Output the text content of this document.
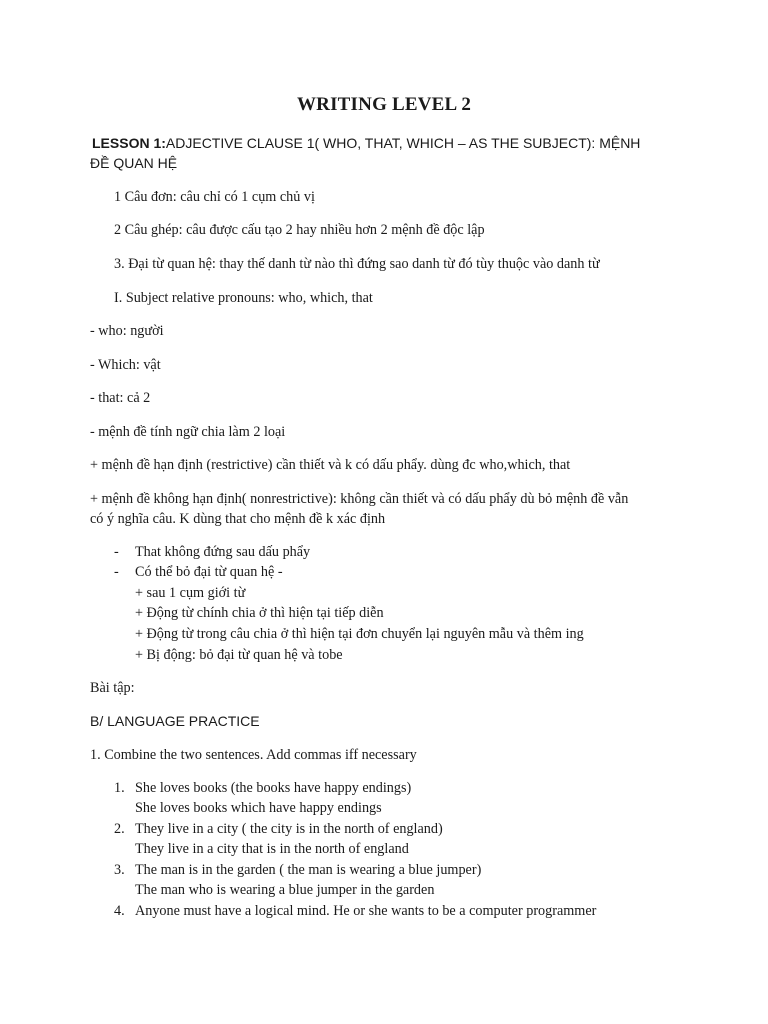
WRITING LEVEL 2
LESSON 1:ADJECTIVE CLAUSE 1( WHO, THAT, WHICH – AS THE SUBJECT): MỆNH
ĐỀ QUAN HỆ
1 Câu đơn: câu chỉ có 1 cụm chủ vị
2 Câu ghép: câu được cấu tạo 2 hay nhiều hơn 2 mệnh đề độc lập
3. Đại từ quan hệ: thay thế danh từ nào thì đứng sao danh từ đó tùy thuộc vào danh từ
I. Subject relative pronouns: who, which, that
- who: người
- Which: vật
- that: cả 2
- mệnh đề tính ngữ chia làm 2 loại
+ mệnh đề hạn định (restrictive) cần thiết và k có dấu phẩy. dùng đc who,which, that
+ mệnh đề không hạn định( nonrestrictive): không cần thiết và có dấu phẩy dù bỏ mệnh đề vẫn
có ý nghĩa câu. K dùng that cho mệnh đề k xác định
- That không đứng sau dấu phẩy
- Có thể bỏ đại từ quan hệ -
+ sau 1 cụm giới từ
+ Động từ chính chia ở thì hiện tại tiếp diễn
+ Động từ trong câu chia ở thì hiện tại đơn chuyển lại nguyên mẫu và thêm ing
+ Bị động: bỏ đại từ quan hệ và tobe
Bài tập:
B/ LANGUAGE PRACTICE
1. Combine the two sentences. Add commas iff necessary
1. She loves books (the books have happy endings)
She loves books which have happy endings
2. They live in a city ( the city is in the north of england)
They live in a city that is in the north of england
3. The man is in the garden ( the man is wearing a blue jumper)
The man who is wearing a blue jumper in the garden
4. Anyone must have a logical mind. He or she wants to be a computer programmer
